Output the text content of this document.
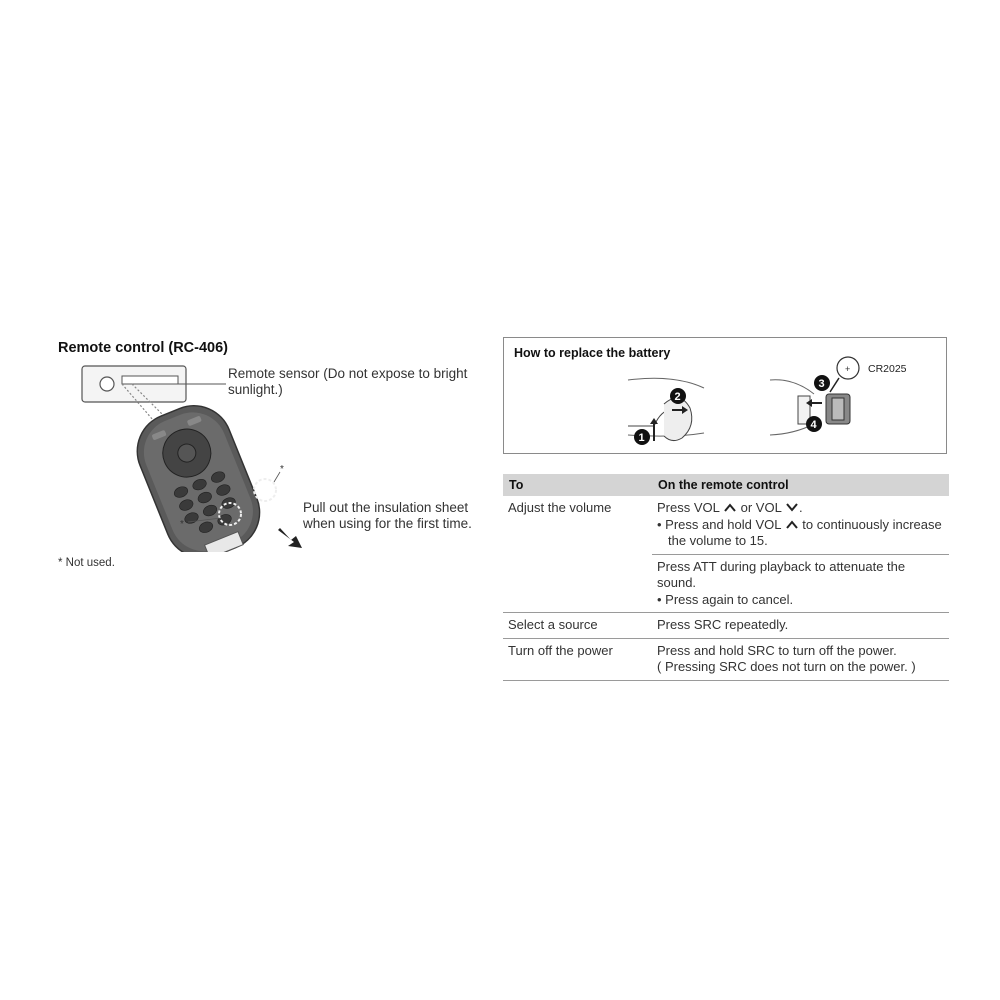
Remote control (RC-406)
*
*
Remote sensor (Do not expose to bright sunlight.)
Pull out the insulation sheet when using for the first time.
* Not used.
+
1
2
3
4
How to replace the battery
CR2025
To	On the remote control
Adjust the volume	Press VOL or VOL .
• Press and hold VOL to continuously increase the volume to 15.

	Press ATT during playback to attenuate the sound.
• Press again to cancel.

Select a source	Press SRC repeatedly.
Turn off the power	Press and hold SRC to turn off the power.
( Pressing SRC does not turn on the power. )
